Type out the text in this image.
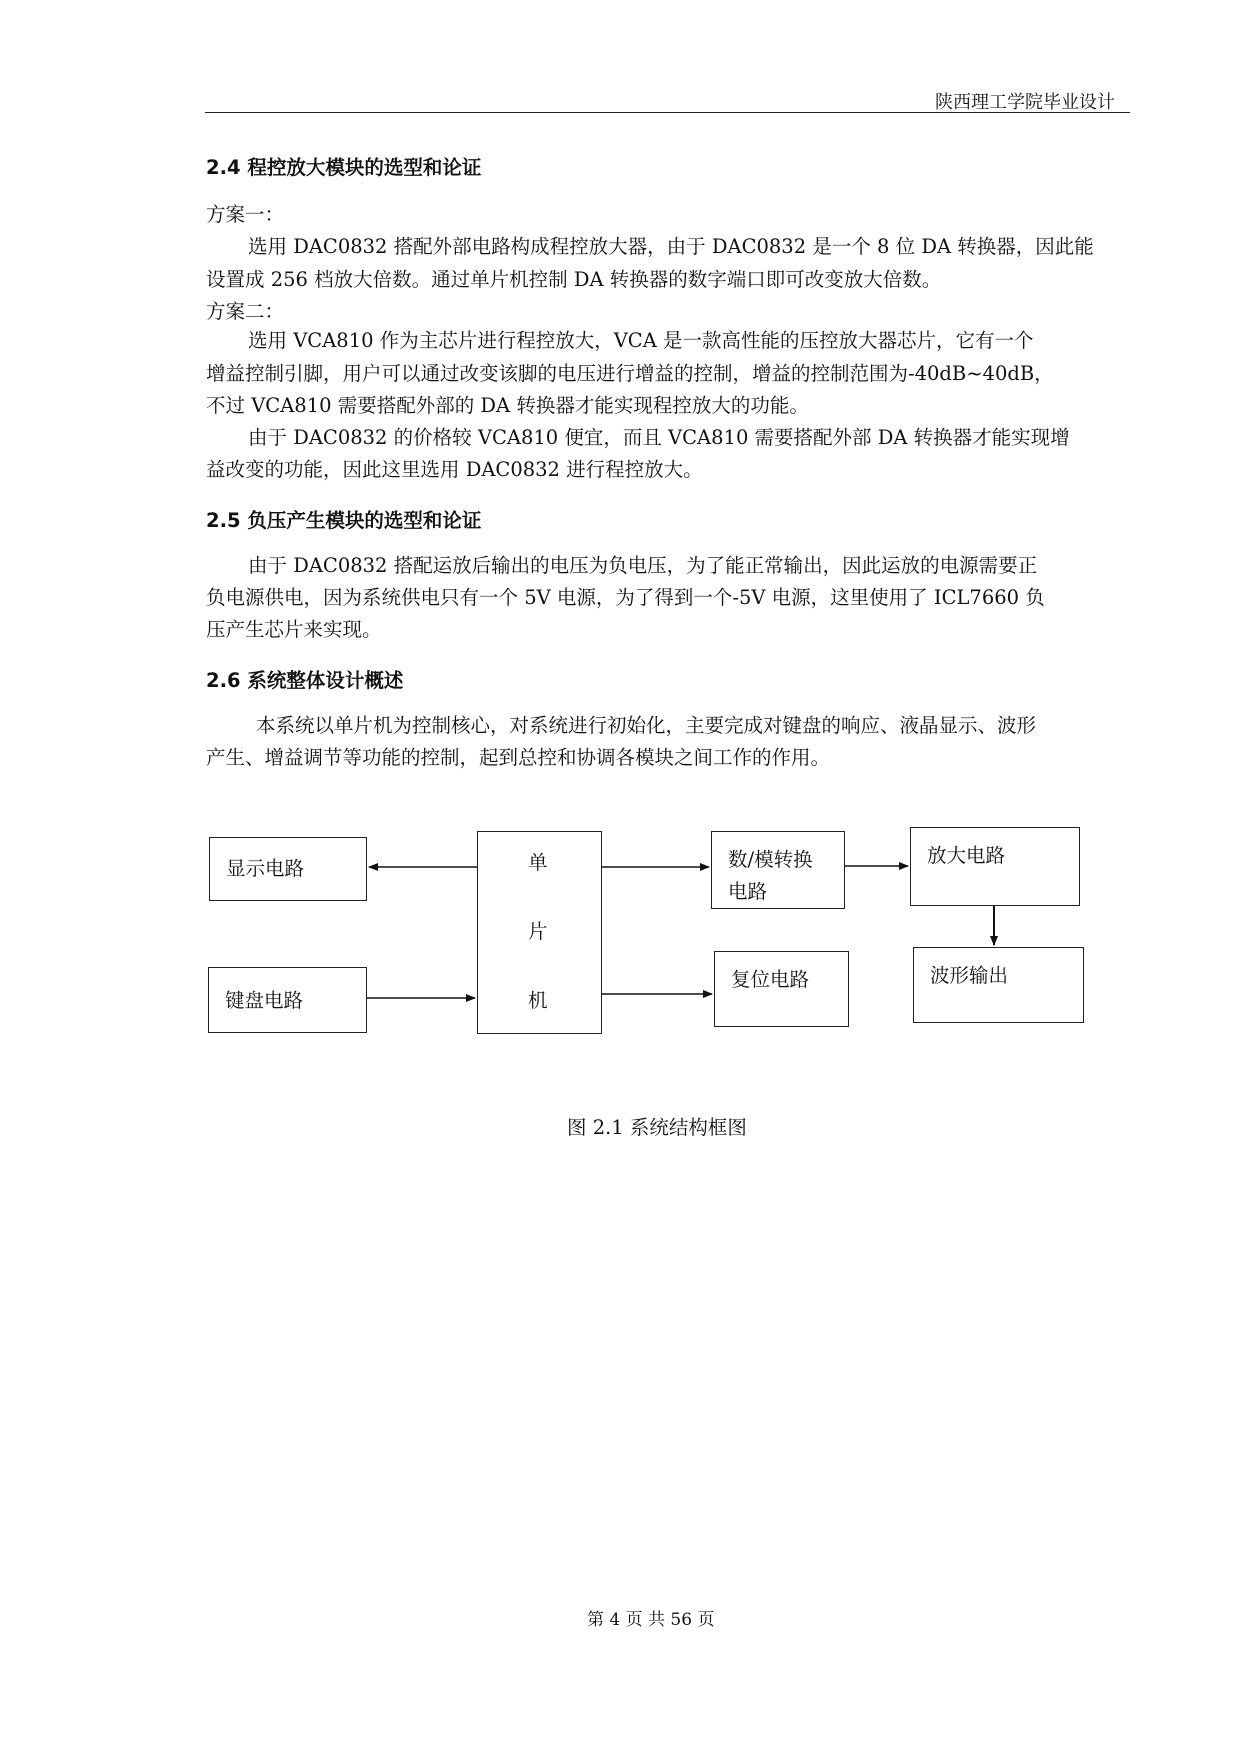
陕西理工学院毕业设计
2.4 程控放大模块的选型和论证
方案一：
选用 DAC0832 搭配外部电路构成程控放大器，由于 DAC0832 是一个 8 位 DA 转换器，因此能
设置成 256 档放大倍数。通过单片机控制 DA 转换器的数字端口即可改变放大倍数。
方案二：
选用 VCA810 作为主芯片进行程控放大，VCA 是一款高性能的压控放大器芯片，它有一个
增益控制引脚，用户可以通过改变该脚的电压进行增益的控制，增益的控制范围为-40dB~40dB，
不过 VCA810 需要搭配外部的 DA 转换器才能实现程控放大的功能。
由于 DAC0832 的价格较 VCA810 便宜，而且 VCA810 需要搭配外部 DA 转换器才能实现增
益改变的功能，因此这里选用 DAC0832 进行程控放大。
2.5 负压产生模块的选型和论证
由于 DAC0832 搭配运放后输出的电压为负电压，为了能正常输出，因此运放的电源需要正
负电源供电，因为系统供电只有一个 5V 电源，为了得到一个-5V 电源，这里使用了 ICL7660 负
压产生芯片来实现。
2.6 系统整体设计概述
本系统以单片机为控制核心，对系统进行初始化，主要完成对键盘的响应、液晶显示、波形
产生、增益调节等功能的控制，起到总控和协调各模块之间工作的作用。
显示电路
键盘电路
单
片
机
数/模转换
电路
复位电路
放大电路
波形输出
图 2.1 系统结构框图
第 4 页 共 56 页
